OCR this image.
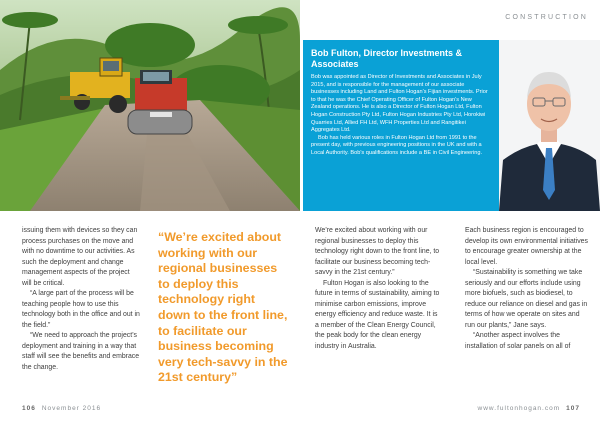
CONSTRUCTION
Bob Fulton, Director Investments & Associates

Bob was appointed as Director of Investments and Associates in July 2015, and is responsible for the management of our associate businesses including Land and Fulton Hogan's Fijian investments. Prior to that he was the Chief Operating Officer of Fulton Hogan's New Zealand operations. He is also a Director of Fulton Hogan Ltd, Fulton Hogan Construction Pty Ltd, Fulton Hogan Industries Pty Ltd, Horokiwi Quarries Ltd, Allied FH Ltd, WFH Properties Ltd and Rangitikei Aggregates Ltd.

Bob has held various roles in Fulton Hogan Ltd from 1991 to the present day, with previous engineering positions in the UK and with a Local Authority. Bob's qualifications include a BE in Civil Engineering.

issuing them with devices so they can process purchases on the move and with no downtime to our activities. As such the deployment and change management aspects of the project will be critical.

“A large part of the process will be teaching people how to use this technology both in the office and out in the field.”

“We need to approach the project’s deployment and training in a way that staff will see the benefits and embrace the change.

“We’re excited about working with our regional businesses to deploy this technology right down to the front line, to facilitate our business becoming very tech-savvy in the 21st century”

We’re excited about working with our regional businesses to deploy this technology right down to the front line, to facilitate our business becoming tech-savvy in the 21st century.”

Fulton Hogan is also looking to the future in terms of sustainability, aiming to minimise carbon emissions, improve energy efficiency and reduce waste. It is a member of the Clean Energy Council, the peak body for the clean energy industry in Australia.

Each business region is encouraged to develop its own environmental initiatives to encourage greater ownership at the local level.

“Sustainability is something we take seriously and our efforts include using more biofuels, such as biodiesel, to reduce our reliance on diesel and gas in terms of how we operate on sites and run our plants,” Jane says.

“Another aspect involves the installation of solar panels on all of

106 November 2016	www.fultonhogan.com 107
